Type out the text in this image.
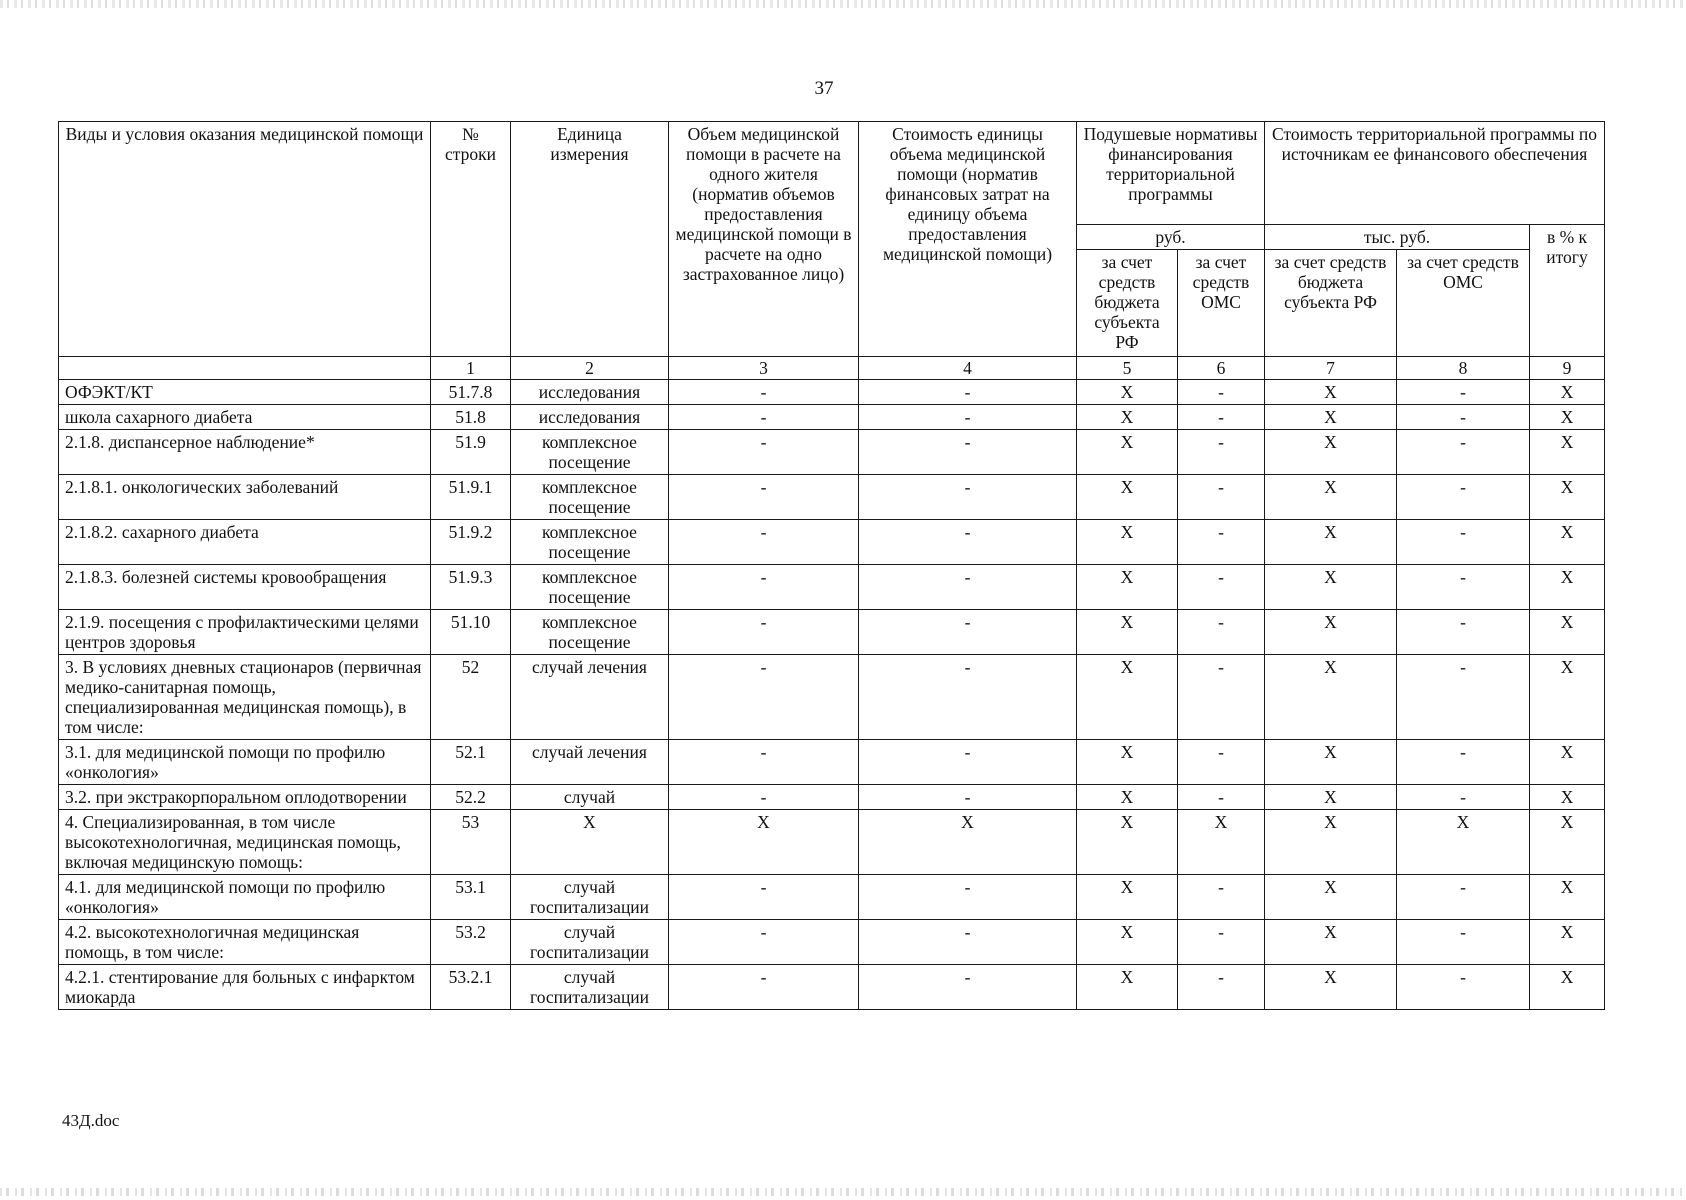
37
Виды и условия оказания медицинской помощи	№ строки	Единица измерения	Объем медицинской помощи в расчете на одного жителя (норматив объемов предоставления медицинской помощи в расчете на одно застрахованное лицо)	Стоимость единицы объема медицинской помощи (норматив финансовых затрат на единицу объема предоставления медицинской помощи)	Подушевые нормативы финансирования территориальной программы		Стоимость территориальной программы по источникам ее финансового обеспечения		
					руб.		тыс. руб.		в % к итогу
					за счет средств бюджета субъекта РФ	за счет средств ОМС	за счет средств бюджета субъекта РФ	за счет средств ОМС	
	1	2	3	4	5	6	7	8	9
ОФЭКТ/КТ	51.7.8	исследования	-	-	X	-	X	-	X
школа сахарного диабета	51.8	исследования	-	-	X	-	X	-	X
2.1.8. диспансерное наблюдение*	51.9	комплексное посещение	-	-	X	-	X	-	X
2.1.8.1. онкологических заболеваний	51.9.1	комплексное посещение	-	-	X	-	X	-	X
2.1.8.2. сахарного диабета	51.9.2	комплексное посещение	-	-	X	-	X	-	X
2.1.8.3. болезней системы кровообращения	51.9.3	комплексное посещение	-	-	X	-	X	-	X
2.1.9. посещения с профилактическими целями центров здоровья	51.10	комплексное посещение	-	-	X	-	X	-	X
3. В условиях дневных стационаров (первичная медико-санитарная помощь, специализированная медицинская помощь), в том числе:	52	случай лечения	-	-	X	-	X	-	X
3.1. для медицинской помощи по профилю «онкология»	52.1	случай лечения	-	-	X	-	X	-	X
3.2. при экстракорпоральном оплодотворении	52.2	случай	-	-	X	-	X	-	X
4. Специализированная, в том числе высокотехнологичная, медицинская помощь, включая медицинскую помощь:	53	X	X	X	X	X	X	X	X
4.1. для медицинской помощи по профилю «онкология»	53.1	случай госпитализации	-	-	X	-	X	-	X
4.2. высокотехнологичная медицинская помощь, в том числе:	53.2	случай госпитализации	-	-	X	-	X	-	X
4.2.1. стентирование для больных с инфарктом миокарда	53.2.1	случай госпитализации	-	-	X	-	X	-	X
43Д.doc
